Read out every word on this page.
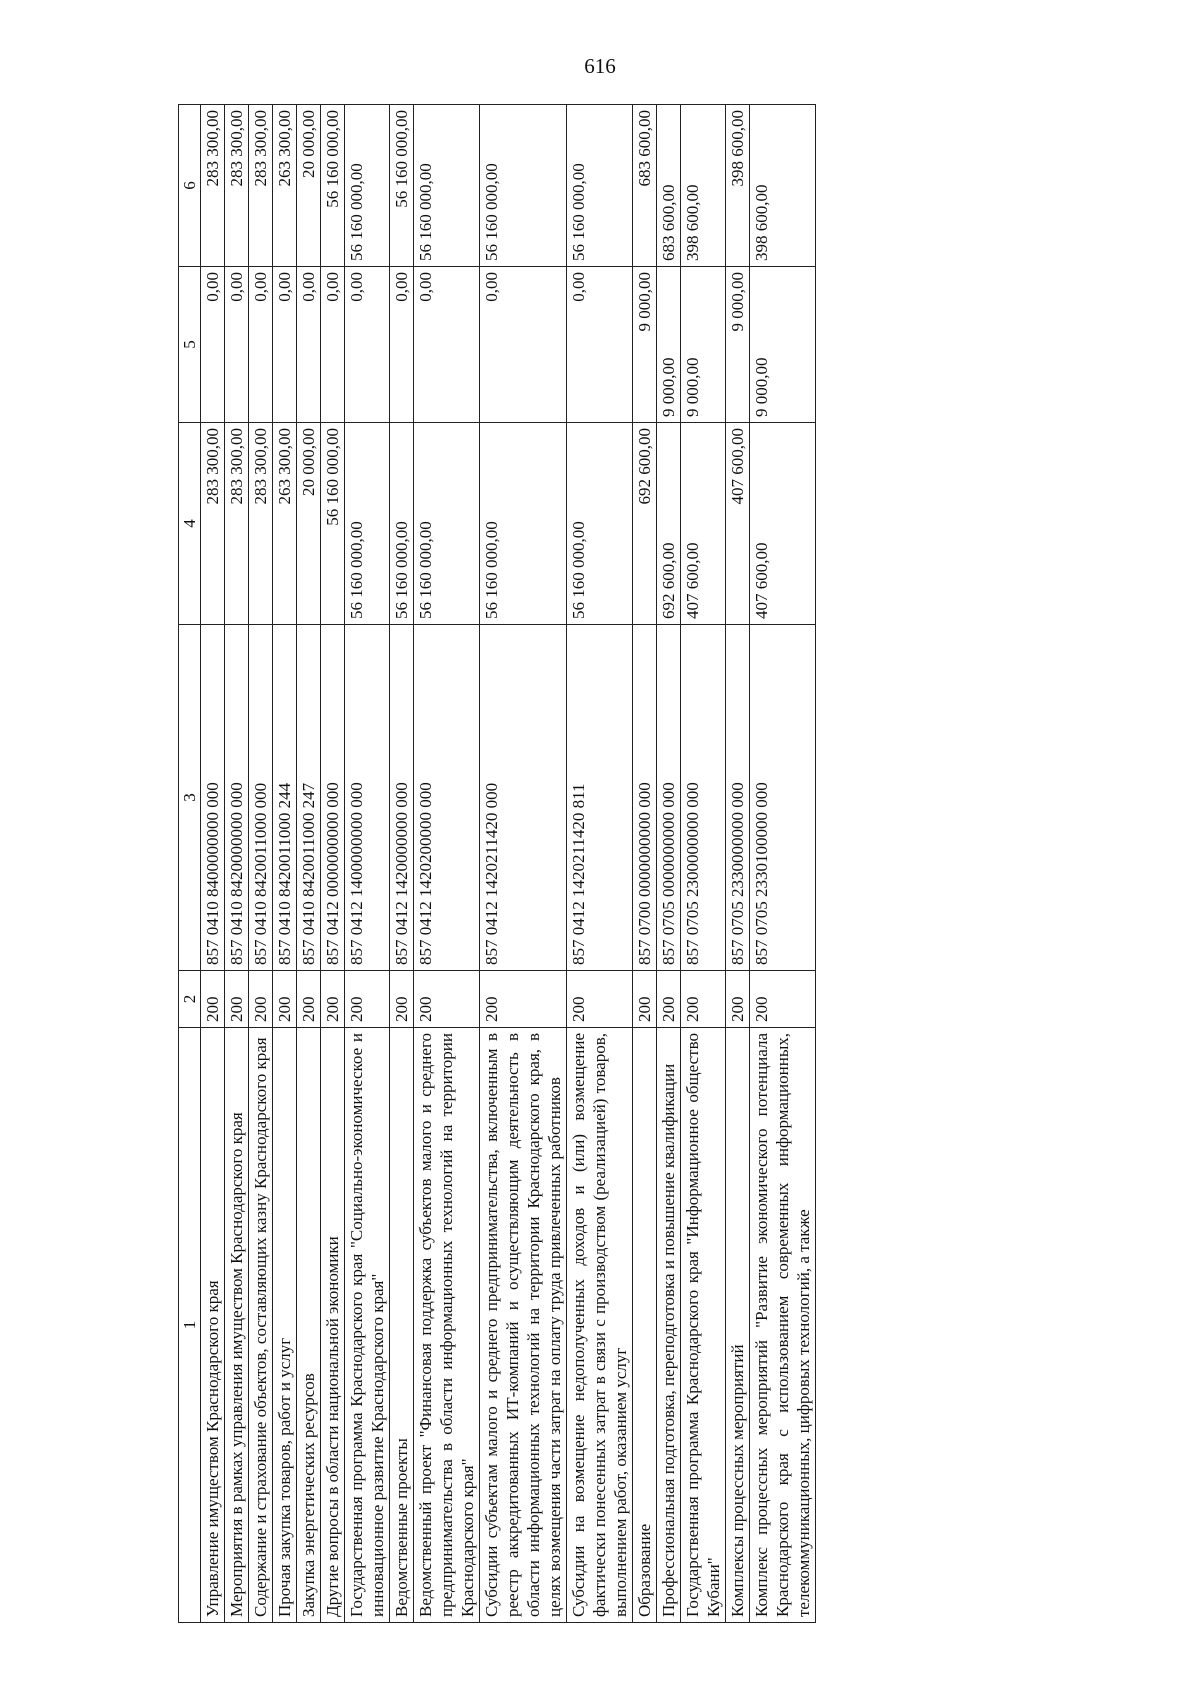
616
1	2	3	4	5	6
Управление имуществом Краснодарского края	200	857 0410 8400000000 000	283 300,00	0,00	283 300,00
Мероприятия в рамках управления имуществом Краснодарского края	200	857 0410 8420000000 000	283 300,00	0,00	283 300,00
Содержание и страхование объектов, составляющих казну Краснодарского края	200	857 0410 8420011000 000	283 300,00	0,00	283 300,00
Прочая закупка товаров, работ и услуг	200	857 0410 8420011000 244	263 300,00	0,00	263 300,00
Закупка энергетических ресурсов	200	857 0410 8420011000 247	20 000,00	0,00	20 000,00
Другие вопросы в области национальной экономики	200	857 0412 0000000000 000	56 160 000,00	0,00	56 160 000,00
Государственная программа Краснодарского края "Социально-экономическое и инновационное развитие Краснодарского края"	200	857 0412 1400000000 000	56 160 000,00	0,00	56 160 000,00
Ведомственные проекты	200	857 0412 1420000000 000	56 160 000,00	0,00	56 160 000,00
Ведомственный проект "Финансовая поддержка субъектов малого и среднего предпринимательства в области информационных технологий на территории Краснодарского края"	200	857 0412 1420200000 000	56 160 000,00	0,00	56 160 000,00
Субсидии субъектам малого и среднего предпринимательства, включенным в реестр аккредитованных ИТ-компаний и осуществляющим деятельность в области информационных технологий на территории Краснодарского края, в целях возмещения части затрат на оплату труда привлеченных работников	200	857 0412 1420211420 000	56 160 000,00	0,00	56 160 000,00
Субсидии на возмещение недополученных доходов и (или) возмещение фактически понесенных затрат в связи с производством (реализацией) товаров, выполнением работ, оказанием услуг	200	857 0412 1420211420 811	56 160 000,00	0,00	56 160 000,00
Образование	200	857 0700 0000000000 000	692 600,00	9 000,00	683 600,00
Профессиональная подготовка, переподготовка и повышение квалификации	200	857 0705 0000000000 000	692 600,00	9 000,00	683 600,00
Государственная программа Краснодарского края "Информационное общество Кубани"	200	857 0705 2300000000 000	407 600,00	9 000,00	398 600,00
Комплексы процессных мероприятий	200	857 0705 2330000000 000	407 600,00	9 000,00	398 600,00
Комплекс процессных мероприятий "Развитие экономического потенциала Краснодарского края с использованием современных информационных, телекоммуникационных, цифровых технологий, а также	200	857 0705 2330100000 000	407 600,00	9 000,00	398 600,00
